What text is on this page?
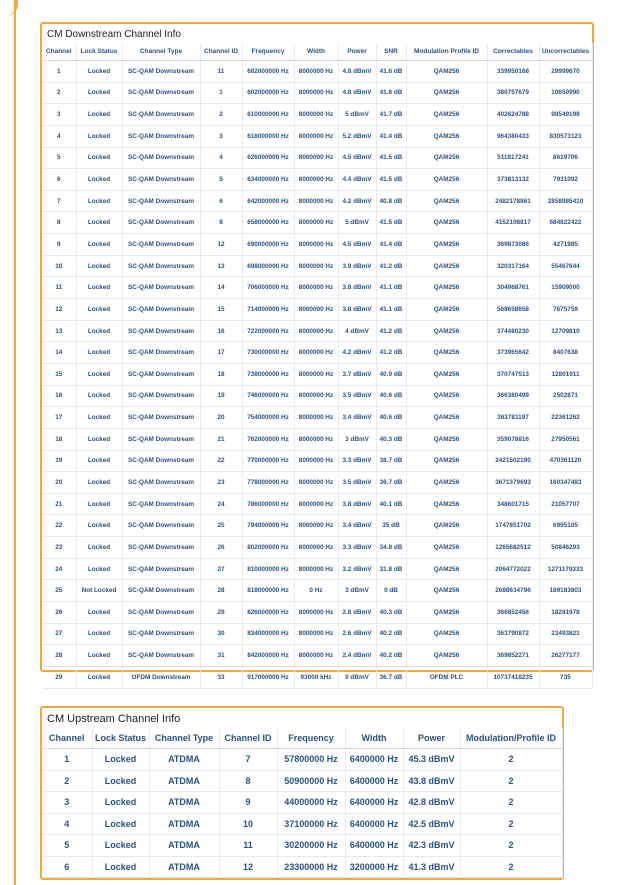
CM Downstream Channel Info
Channel	Lock Status	Channel Type	Channel ID	Frequency	Width	Power	SNR	Modulation Profile ID	Correctables	Uncorrectables
1	Locked	SC-QAM Downstream	11	682000000 Hz	8000000 Hz	4.8 dBmV	41.6 dB	QAM256	339950168	29999670
2	Locked	SC-QAM Downstream	1	602000000 Hz	8000000 Hz	4.8 dBmV	41.6 dB	QAM256	380757679	10650990
3	Locked	SC-QAM Downstream	2	610000000 Hz	8000000 Hz	5 dBmV	41.7 dB	QAM256	402624788	98549198
4	Locked	SC-QAM Downstream	3	618000000 Hz	8000000 Hz	5.2 dBmV	41.4 dB	QAM256	964380433	830573123
5	Locked	SC-QAM Downstream	4	626000000 Hz	8000000 Hz	4.5 dBmV	41.5 dB	QAM256	511817241	8619706
6	Locked	SC-QAM Downstream	5	634000000 Hz	8000000 Hz	4.4 dBmV	41.5 dB	QAM256	373813132	7931092
7	Locked	SC-QAM Downstream	6	642000000 Hz	8000000 Hz	4.2 dBmV	40.8 dB	QAM256	2482178861	2858985410
8	Locked	SC-QAM Downstream	8	658000000 Hz	8000000 Hz	5 dBmV	41.5 dB	QAM256	4152108817	684822422
9	Locked	SC-QAM Downstream	12	690000000 Hz	8000000 Hz	4.5 dBmV	41.4 dB	QAM256	369873086	4271985
10	Locked	SC-QAM Downstream	13	698000000 Hz	8000000 Hz	3.9 dBmV	41.2 dB	QAM256	320317164	55467644
11	Locked	SC-QAM Downstream	14	706000000 Hz	8000000 Hz	3.8 dBmV	41.1 dB	QAM256	304968761	15909000
12	Locked	SC-QAM Downstream	15	714000000 Hz	8000000 Hz	3.8 dBmV	41.1 dB	QAM256	568658658	7675759
13	Locked	SC-QAM Downstream	16	722000000 Hz	8000000 Hz	4 dBmV	41.2 dB	QAM256	374480230	12709810
14	Locked	SC-QAM Downstream	17	730000000 Hz	8000000 Hz	4.2 dBmV	41.2 dB	QAM256	373965642	8407638
15	Locked	SC-QAM Downstream	18	738000000 Hz	8000000 Hz	3.7 dBmV	40.9 dB	QAM256	370747513	12801011
16	Locked	SC-QAM Downstream	19	746000000 Hz	8000000 Hz	3.5 dBmV	40.6 dB	QAM256	366380499	2502871
17	Locked	SC-QAM Downstream	20	754000000 Hz	8000000 Hz	3.4 dBmV	40.6 dB	QAM256	363781197	22361262
18	Locked	SC-QAM Downstream	21	762000000 Hz	8000000 Hz	3 dBmV	40.3 dB	QAM256	359078816	27950561
19	Locked	SC-QAM Downstream	22	770000000 Hz	8000000 Hz	3.3 dBmV	38.7 dB	QAM256	2421502190	470361120
20	Locked	SC-QAM Downstream	23	778000000 Hz	8000000 Hz	3.5 dBmV	36.7 dB	QAM256	3671379693	160347483
21	Locked	SC-QAM Downstream	24	786000000 Hz	8000000 Hz	3.8 dBmV	40.1 dB	QAM256	348601715	21057707
22	Locked	SC-QAM Downstream	25	794000000 Hz	8000000 Hz	3.4 dBmV	35 dB	QAM256	1747851702	6995105
23	Locked	SC-QAM Downstream	26	802000000 Hz	8000000 Hz	3.3 dBmV	34.8 dB	QAM256	1265682512	50846293
24	Locked	SC-QAM Downstream	27	810000000 Hz	8000000 Hz	3.2 dBmV	31.8 dB	QAM256	2064772022	1271179333
25	Not Locked	SC-QAM Downstream	28	818000000 Hz	0 Hz	3 dBmV	0 dB	QAM256	2688634796	189183803
26	Locked	SC-QAM Downstream	29	826000000 Hz	8000000 Hz	2.8 dBmV	40.3 dB	QAM256	366852456	18281978
27	Locked	SC-QAM Downstream	30	834000000 Hz	8000000 Hz	2.6 dBmV	40.2 dB	QAM256	363790872	23493821
28	Locked	SC-QAM Downstream	31	842000000 Hz	8000000 Hz	2.4 dBmV	40.2 dB	QAM256	369852271	26277177
29	Locked	OFDM Downstream	33	917000000 Hz	93000 kHz	0 dBmV	36.7 dB	OFDM PLC	10737418235	735
CM Upstream Channel Info
Channel	Lock Status	Channel Type	Channel ID	Frequency	Width	Power	Modulation/Profile ID
1	Locked	ATDMA	7	57800000 Hz	6400000 Hz	45.3 dBmV	2
2	Locked	ATDMA	8	50900000 Hz	6400000 Hz	43.8 dBmV	2
3	Locked	ATDMA	9	44000000 Hz	6400000 Hz	42.8 dBmV	2
4	Locked	ATDMA	10	37100000 Hz	6400000 Hz	42.5 dBmV	2
5	Locked	ATDMA	11	30200000 Hz	6400000 Hz	42.3 dBmV	2
6	Locked	ATDMA	12	23300000 Hz	3200000 Hz	41.3 dBmV	2
